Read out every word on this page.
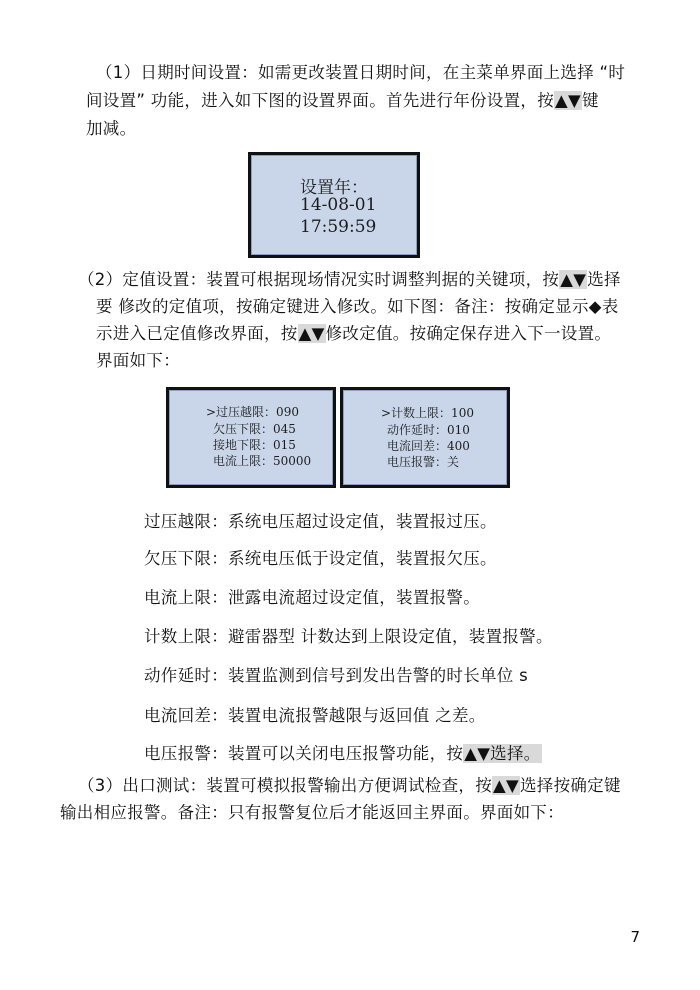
（1）日期时间设置：如需更改装置日期时间，在主菜单界面上选择 “时
间设置” 功能，进入如下图的设置界面。首先进行年份设置，按▲▼键
加减。
设置年：
14-08-01
17:59:59
（2）定值设置：装置可根据现场情况实时调整判据的关键项，按▲▼选择
要 修改的定值项，按确定键进入修改。如下图：备注：按确定显示◆表
示进入已定值修改界面，按▲▼修改定值。按确定保存进入下一设置。
界面如下：
>过压越限：090
欠压下限：045
接地下限：015
电流上限：50000
>计数上限：100
动作延时：010
电流回差：400
电压报警：关
过压越限：系统电压超过设定值，装置报过压。
欠压下限：系统电压低于设定值，装置报欠压。
电流上限：泄露电流超过设定值，装置报警。
计数上限：避雷器型 计数达到上限设定值，装置报警。
动作延时：装置监测到信号到发出告警的时长单位 s
电流回差：装置电流报警越限与返回值 之差。
电压报警：装置可以关闭电压报警功能，按▲▼选择。
（3）出口测试：装置可模拟报警输出方便调试检查，按▲▼选择按确定键
输出相应报警。备注：只有报警复位后才能返回主界面。界面如下：
7
